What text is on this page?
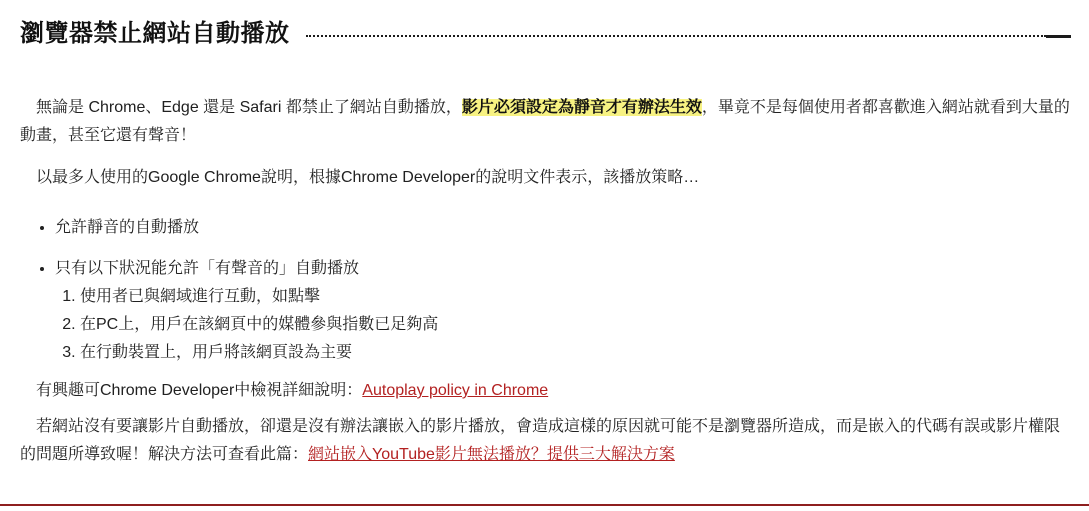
瀏覽器禁止網站自動播放

無論是 Chrome、Edge 還是 Safari 都禁止了網站自動播放，影片必須設定為靜音才有辦法生效，畢竟不是每個使用者都喜歡進入網站就看到大量的動畫，甚至它還有聲音！

以最多人使用的Google Chrome說明，根據Chrome Developer的說明文件表示，該播放策略…

• 允許靜音的自動播放
• 只有以下狀況能允許「有聲音的」自動播放
1. 使用者已與網域進行互動，如點擊
2. 在PC上，用戶在該網頁中的媒體參與指數已足夠高
3. 在行動裝置上，用戶將該網頁設為主要

有興趣可Chrome Developer中檢視詳細說明：Autoplay policy in Chrome

若網站沒有要讓影片自動播放，卻還是沒有辦法讓嵌入的影片播放，會造成這樣的原因就可能不是瀏覽器所造成，而是嵌入的代碼有誤或影片權限的問題所導致喔！解決方法可查看此篇：網站嵌入YouTube影片無法播放？提供三大解決方案
